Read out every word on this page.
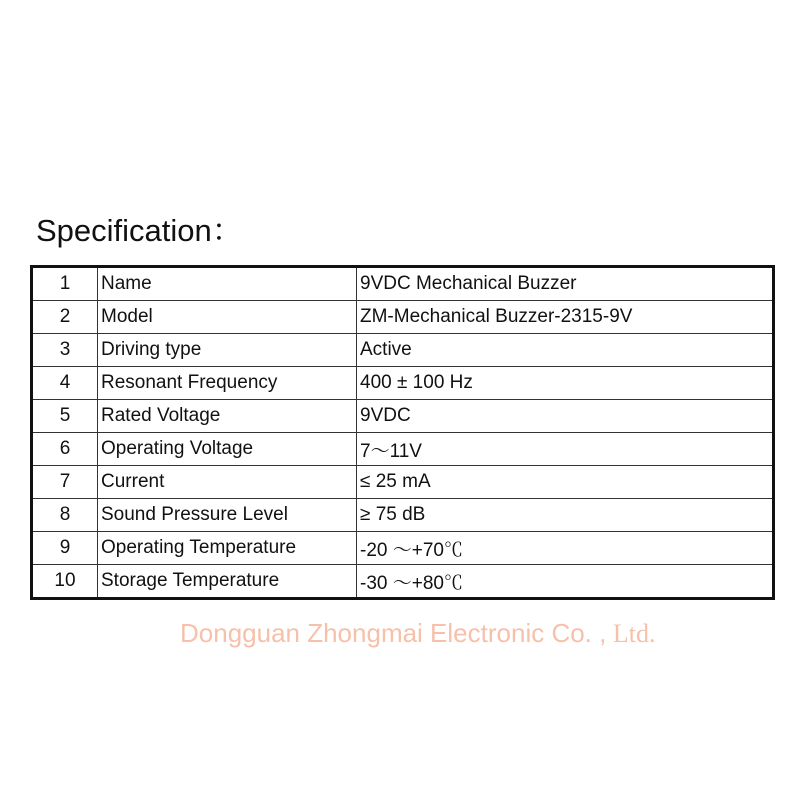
Specification：
1	Name	9VDC Mechanical Buzzer
2	Model	ZM-Mechanical Buzzer-2315-9V
3	Driving type	Active
4	Resonant Frequency	400 ± 100 Hz
5	Rated Voltage	9VDC
6	Operating Voltage	7～11V
7	Current	≤ 25 mA
8	Sound Pressure Level	≥ 75 dB
9	Operating Temperature	-20 ～+70℃
10	Storage Temperature	-30 ～+80℃
Dongguan Zhongmai Electronic Co. , Ltd.
